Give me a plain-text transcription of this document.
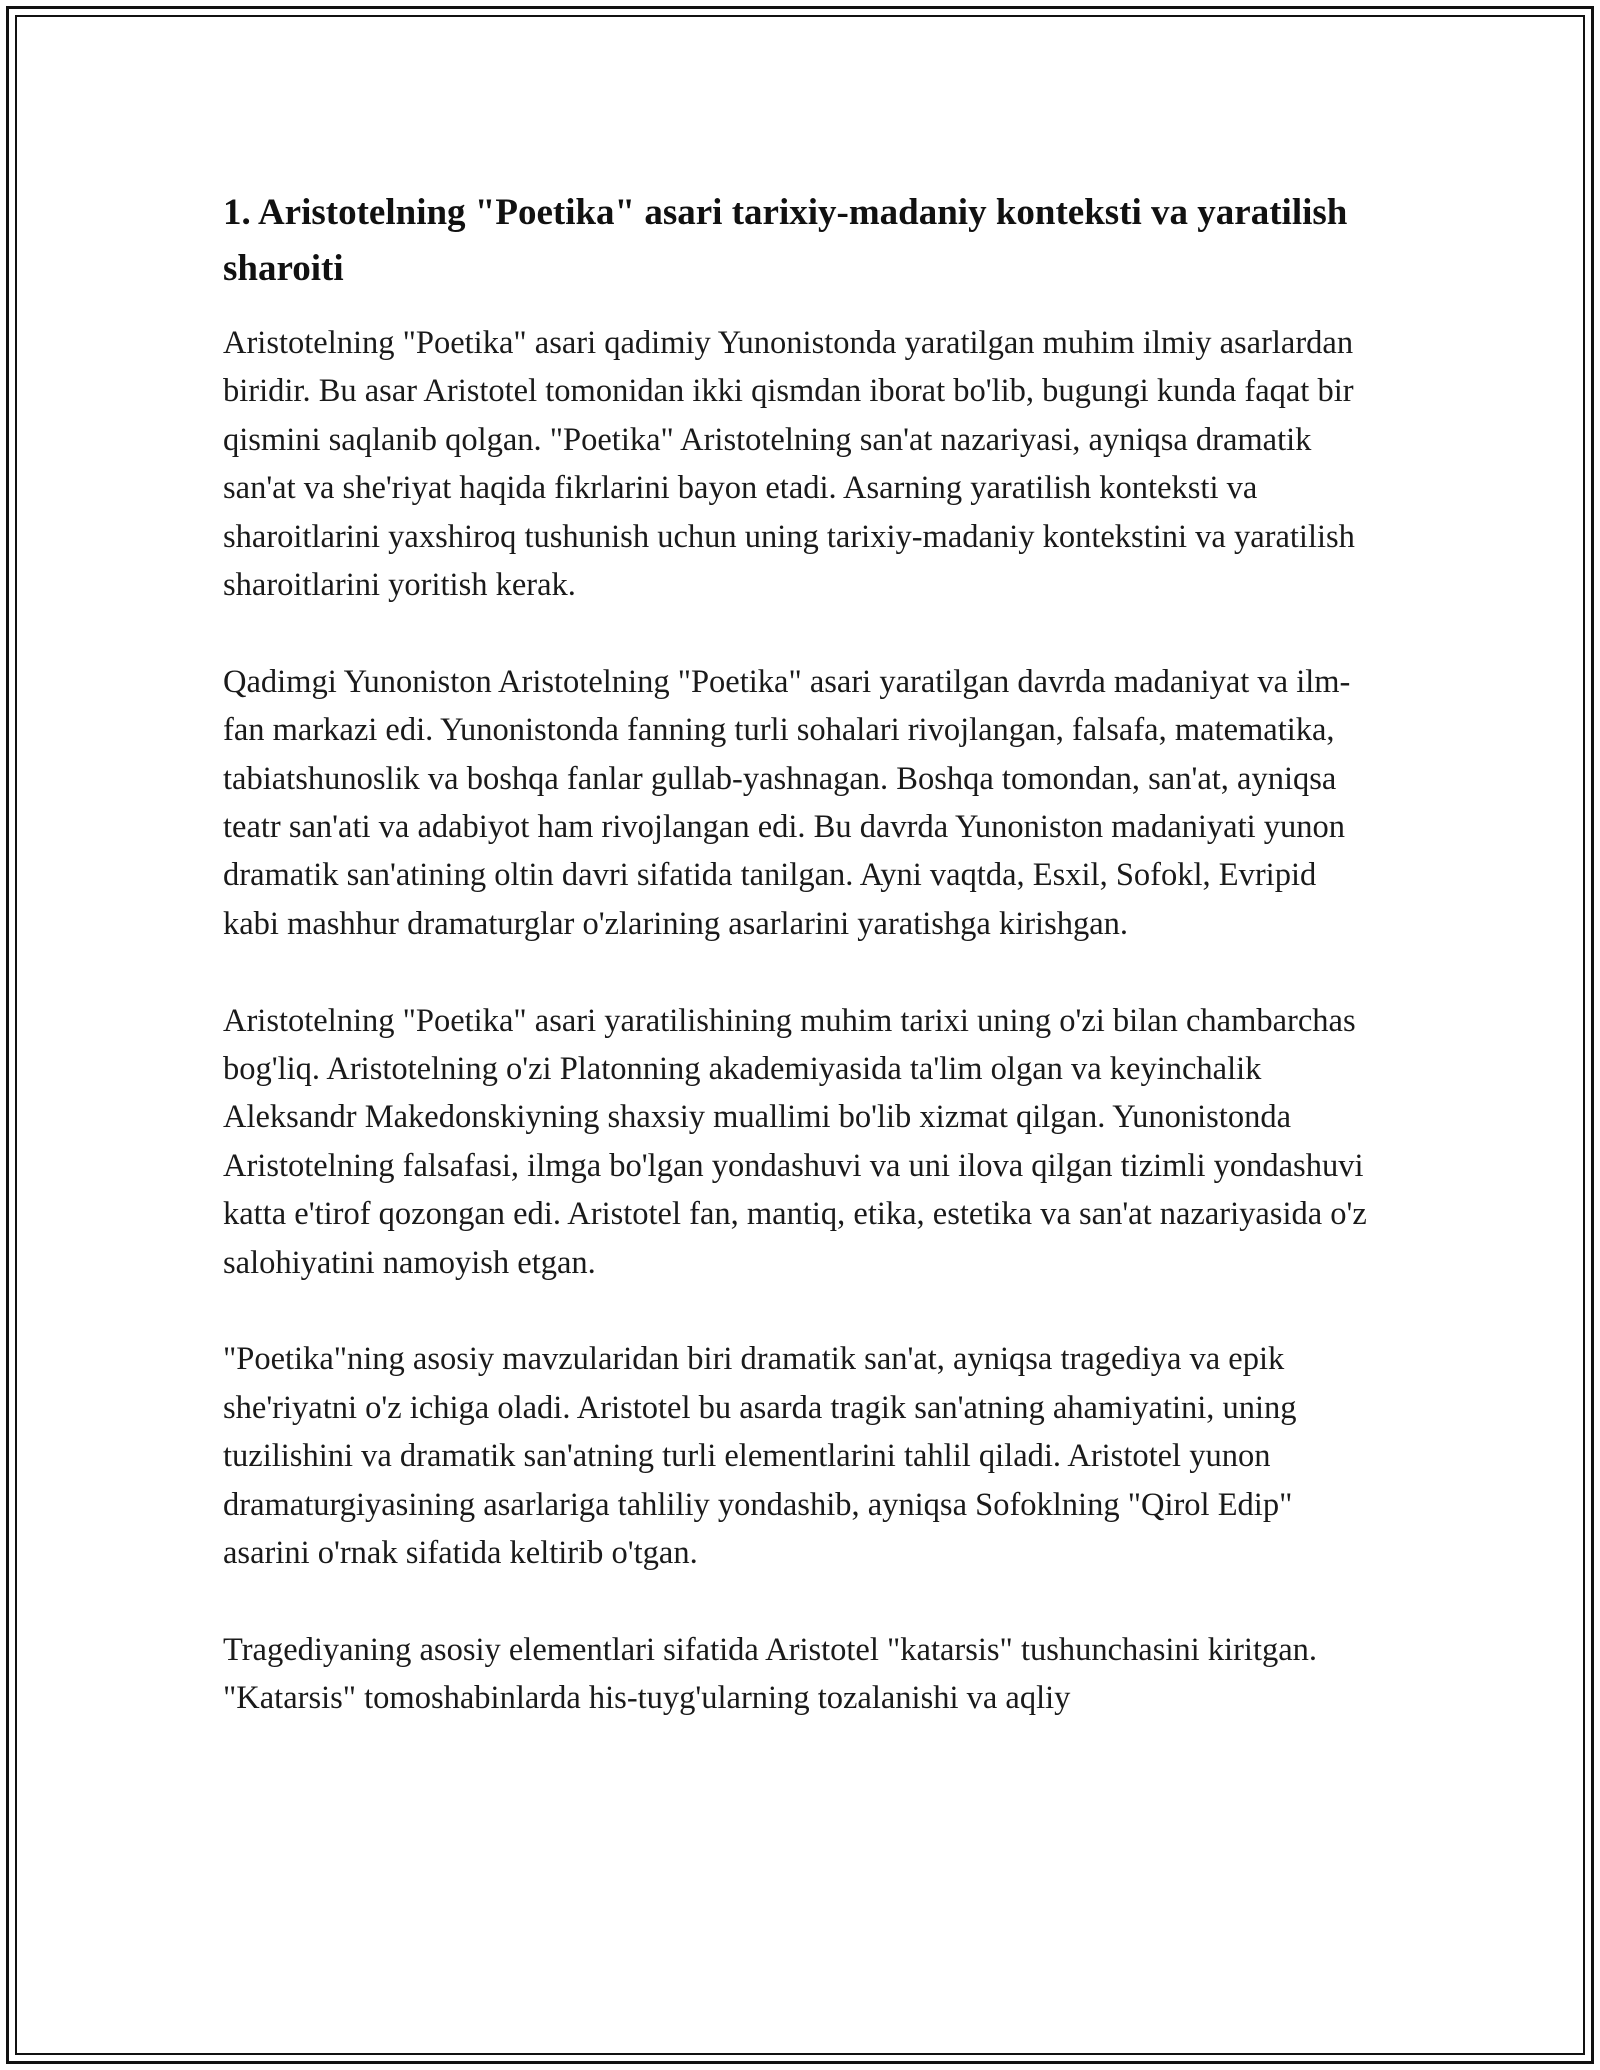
1. Aristotelning "Poetika" asari tarixiy-madaniy konteksti va yaratilish sharoiti

Aristotelning "Poetika" asari qadimiy Yunonistonda yaratilgan muhim ilmiy asarlardan biridir. Bu asar Aristotel tomonidan ikki qismdan iborat bo'lib, bugungi kunda faqat bir qismini saqlanib qolgan. "Poetika" Aristotelning san'at nazariyasi, ayniqsa dramatik san'at va she'riyat haqida fikrlarini bayon etadi. Asarning yaratilish konteksti va sharoitlarini yaxshiroq tushunish uchun uning tarixiy-madaniy kontekstini va yaratilish sharoitlarini yoritish kerak.

Qadimgi Yunoniston Aristotelning "Poetika" asari yaratilgan davrda madaniyat va ilm-fan markazi edi. Yunonistonda fanning turli sohalari rivojlangan, falsafa, matematika, tabiatshunoslik va boshqa fanlar gullab-yashnagan. Boshqa tomondan, san'at, ayniqsa teatr san'ati va adabiyot ham rivojlangan edi. Bu davrda Yunoniston madaniyati yunon dramatik san'atining oltin davri sifatida tanilgan. Ayni vaqtda, Esxil, Sofokl, Evripid kabi mashhur dramaturglar o'zlarining asarlarini yaratishga kirishgan.

Aristotelning "Poetika" asari yaratilishining muhim tarixi uning o'zi bilan chambarchas bog'liq. Aristotelning o'zi Platonning akademiyasida ta'lim olgan va keyinchalik Aleksandr Makedonskiyning shaxsiy muallimi bo'lib xizmat qilgan. Yunonistonda Aristotelning falsafasi, ilmga bo'lgan yondashuvi va uni ilova qilgan tizimli yondashuvi katta e'tirof qozongan edi. Aristotel fan, mantiq, etika, estetika va san'at nazariyasida o'z salohiyatini namoyish etgan.

"Poetika"ning asosiy mavzularidan biri dramatik san'at, ayniqsa tragediya va epik she'riyatni o'z ichiga oladi. Aristotel bu asarda tragik san'atning ahamiyatini, uning tuzilishini va dramatik san'atning turli elementlarini tahlil qiladi. Aristotel yunon dramaturgiyasining asarlariga tahliliy yondashib, ayniqsa Sofoklning "Qirol Edip" asarini o'rnak sifatida keltirib o'tgan.

Tragediyaning asosiy elementlari sifatida Aristotel "katarsis" tushunchasini kiritgan. "Katarsis" tomoshabinlarda his-tuyg'ularning tozalanishi va aqliy
